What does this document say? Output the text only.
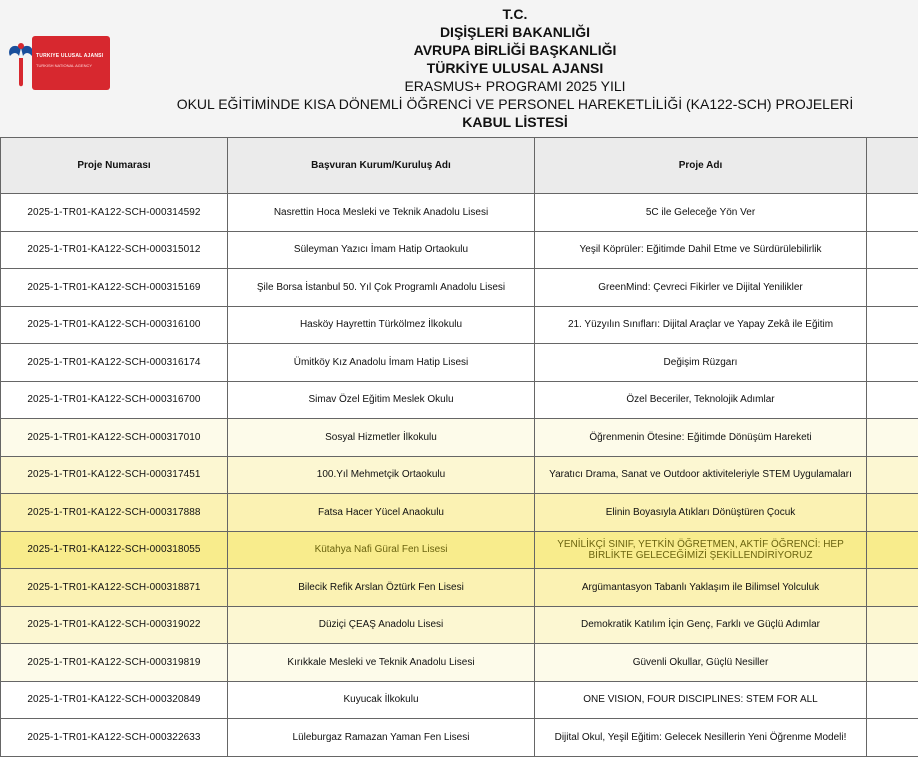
TÜRKİYE ULUSAL AJANSI
TURKISH NATIONAL AGENCY
T.C.
DIŞİŞLERİ BAKANLIĞI
AVRUPA BİRLİĞİ BAŞKANLIĞI
TÜRKİYE ULUSAL AJANSI
ERASMUS+ PROGRAMI 2025 YILI
OKUL EĞİTİMİNDE KISA DÖNEMLİ ÖĞRENCİ VE PERSONEL HAREKETLİLİĞİ (KA122-SCH) PROJELERİ
KABUL LİSTESİ
Proje Numarası	Başvuran Kurum/Kuruluş Adı	Proje Adı	
2025-1-TR01-KA122-SCH-000314592	Nasrettin Hoca Mesleki ve Teknik Anadolu Lisesi	5C ile Geleceğe Yön Ver	
2025-1-TR01-KA122-SCH-000315012	Süleyman Yazıcı İmam Hatip Ortaokulu	Yeşil Köprüler: Eğitimde Dahil Etme ve Sürdürülebilirlik	
2025-1-TR01-KA122-SCH-000315169	Şile Borsa İstanbul 50. Yıl Çok Programlı Anadolu Lisesi	GreenMind: Çevreci Fikirler ve Dijital Yenilikler	
2025-1-TR01-KA122-SCH-000316100	Hasköy Hayrettin Türkölmez İlkokulu	21. Yüzyılın Sınıfları: Dijital Araçlar ve Yapay Zekâ ile Eğitim	
2025-1-TR01-KA122-SCH-000316174	Ümitköy Kız Anadolu İmam Hatip Lisesi	Değişim Rüzgarı	
2025-1-TR01-KA122-SCH-000316700	Simav Özel Eğitim Meslek Okulu	Özel Beceriler, Teknolojik Adımlar	
2025-1-TR01-KA122-SCH-000317010	Sosyal Hizmetler İlkokulu	Öğrenmenin Ötesine: Eğitimde Dönüşüm Hareketi	
2025-1-TR01-KA122-SCH-000317451	100.Yıl Mehmetçik Ortaokulu	Yaratıcı Drama, Sanat ve Outdoor aktiviteleriyle STEM Uygulamaları	
2025-1-TR01-KA122-SCH-000317888	Fatsa Hacer Yücel Anaokulu	Elinin Boyasıyla Atıkları Dönüştüren Çocuk	
2025-1-TR01-KA122-SCH-000318055	Kütahya Nafi Güral Fen Lisesi	YENİLİKÇİ SINIF, YETKİN ÖĞRETMEN, AKTİF ÖĞRENCİ: HEP BİRLİKTE GELECEĞİMİZİ ŞEKİLLENDİRİYORUZ	
2025-1-TR01-KA122-SCH-000318871	Bilecik Refik Arslan Öztürk Fen Lisesi	Argümantasyon Tabanlı Yaklaşım ile Bilimsel Yolculuk	
2025-1-TR01-KA122-SCH-000319022	Düziçi ÇEAŞ Anadolu Lisesi	Demokratik Katılım İçin Genç, Farklı ve Güçlü Adımlar	
2025-1-TR01-KA122-SCH-000319819	Kırıkkale Mesleki ve Teknik Anadolu Lisesi	Güvenli Okullar, Güçlü Nesiller	
2025-1-TR01-KA122-SCH-000320849	Kuyucak İlkokulu	ONE VISION, FOUR DISCIPLINES: STEM FOR ALL	
2025-1-TR01-KA122-SCH-000322633	Lüleburgaz Ramazan Yaman Fen Lisesi	Dijital Okul, Yeşil Eğitim: Gelecek Nesillerin Yeni Öğrenme Modeli!	
